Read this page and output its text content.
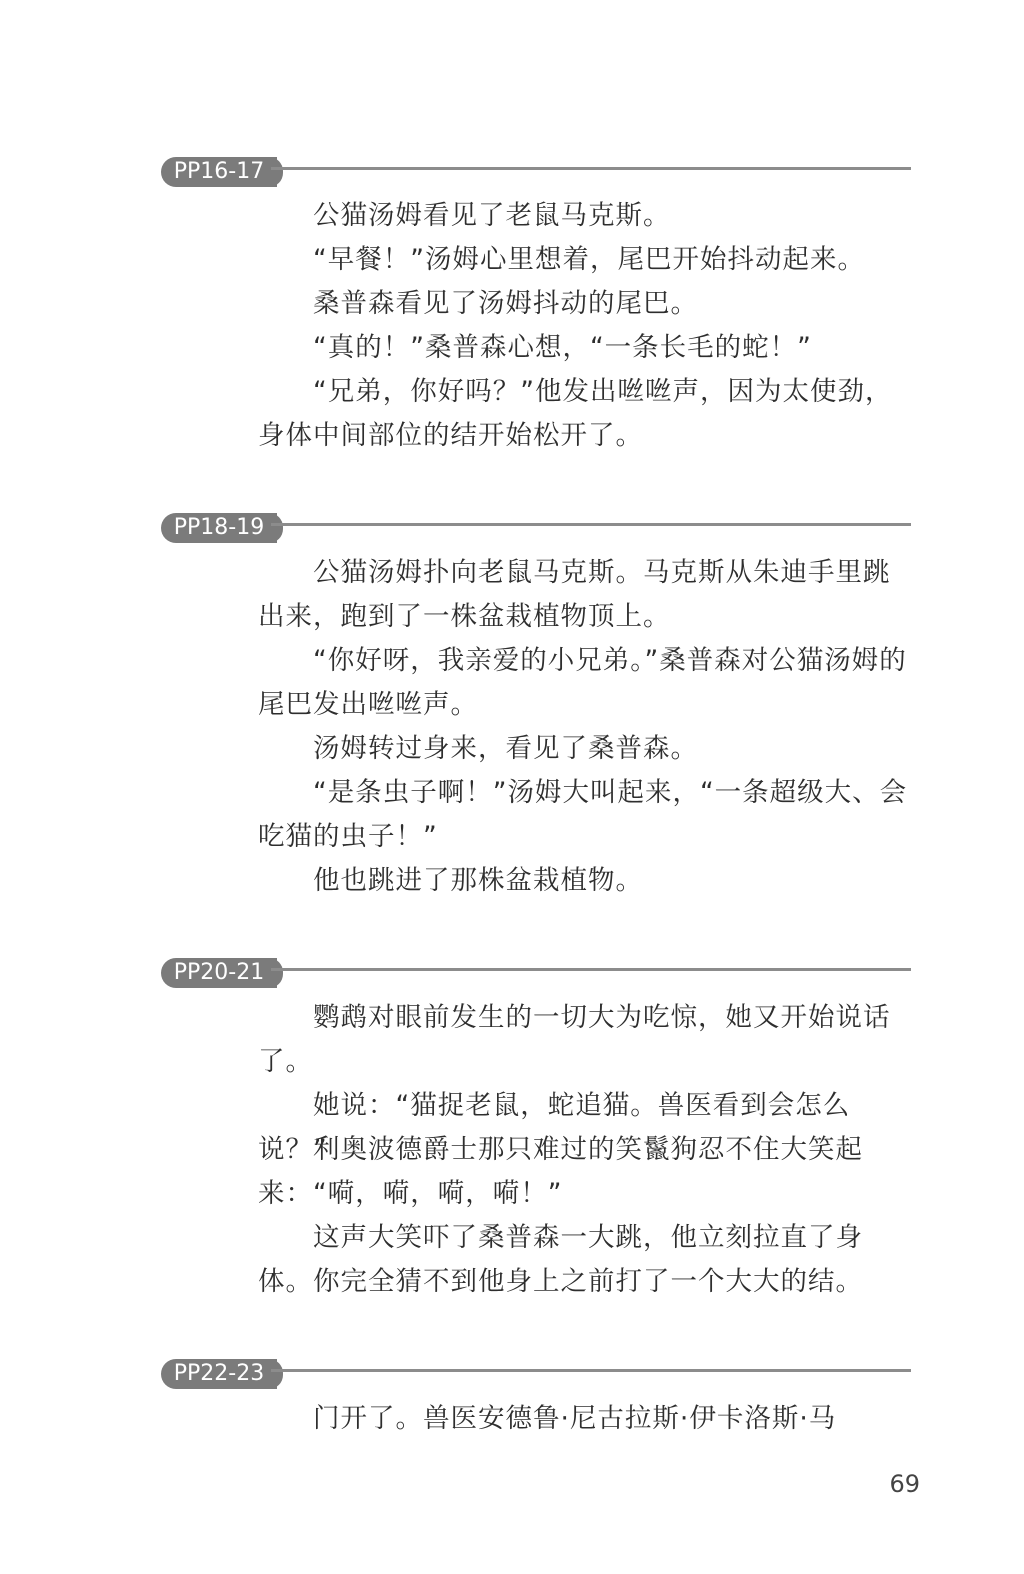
PP16-17

公猫汤姆看见了老鼠马克斯。

“早餐！”汤姆心里想着，尾巴开始抖动起来。

桑普森看见了汤姆抖动的尾巴。

“真的！”桑普森心想，“一条长毛的蛇！”

“兄弟，你好吗？”他发出咝咝声，因为太使劲，身体中间部位的结开始松开了。

PP18-19

公猫汤姆扑向老鼠马克斯。马克斯从朱迪手里跳出来，跑到了一株盆栽植物顶上。

“你好呀，我亲爱的小兄弟。”桑普森对公猫汤姆的尾巴发出咝咝声。

汤姆转过身来，看见了桑普森。

“是条虫子啊！”汤姆大叫起来，“一条超级大、会吃猫的虫子！”

他也跳进了那株盆栽植物。

PP20-21

鹦鹉对眼前发生的一切大为吃惊，她又开始说话了。

她说：“猫捉老鼠，蛇追猫。兽医看到会怎么说？”

利奥波德爵士那只难过的笑鬣狗忍不住大笑起来：“嗬，嗬，嗬，嗬！”

这声大笑吓了桑普森一大跳，他立刻拉直了身体。你完全猜不到他身上之前打了一个大大的结。

PP22-23

门开了。兽医安德鲁·尼古拉斯·伊卡洛斯·马

69
